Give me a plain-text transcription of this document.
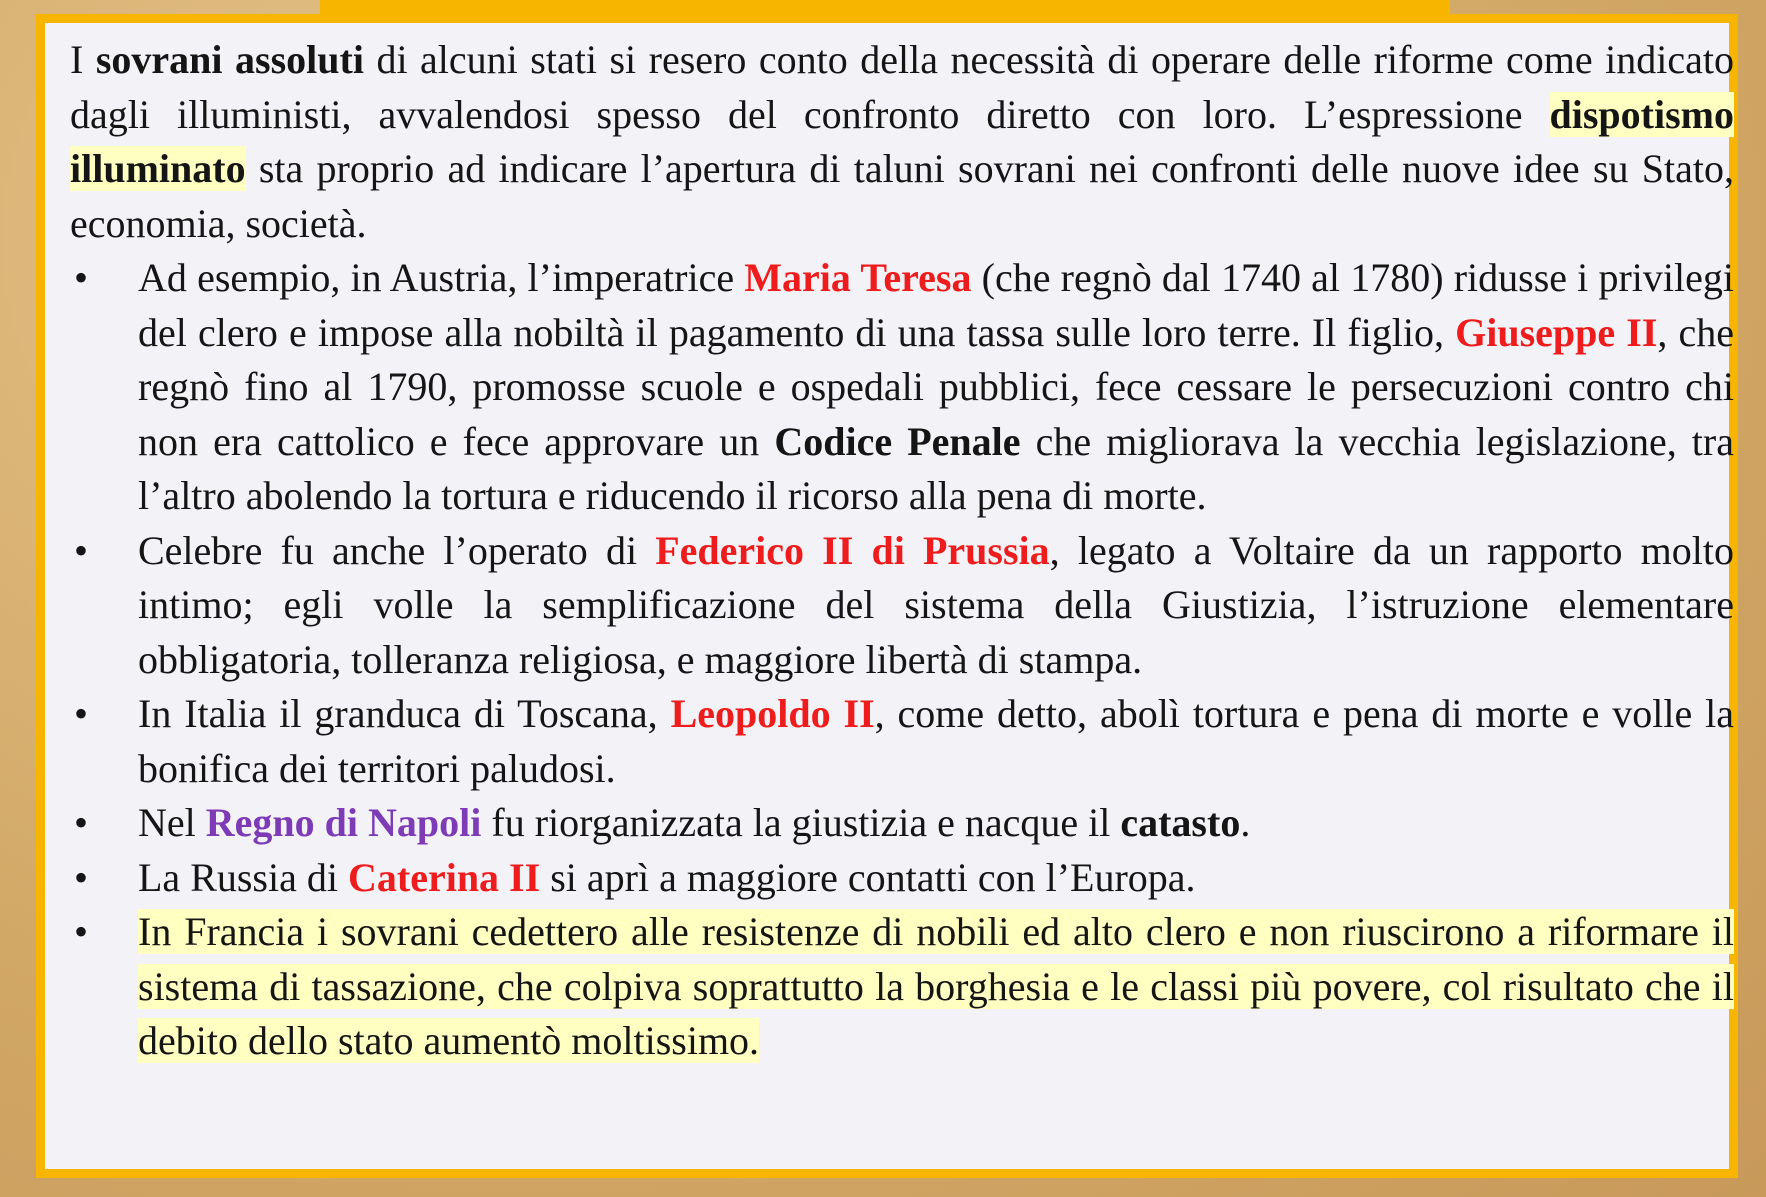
I sovrani assoluti di alcuni stati si resero conto della necessità di operare delle riforme come indicato dagli illuministi, avvalendosi spesso del confronto diretto con loro. L’espressione dispotismo illuminato sta proprio ad indicare l’apertura di taluni sovrani nei confronti delle nuove idee su Stato, economia, società.

• Ad esempio, in Austria, l’imperatrice Maria Teresa (che regnò dal 1740 al 1780) ridusse i privilegi del clero e impose alla nobiltà il pagamento di una tassa sulle loro terre. Il figlio, Giuseppe II, che regnò fino al 1790, promosse scuole e ospedali pubblici, fece cessare le persecuzioni contro chi non era cattolico e fece approvare un Codice Penale che migliorava la vecchia legislazione, tra l’altro abolendo la tortura e riducendo il ricorso alla pena di morte.
• Celebre fu anche l’operato di Federico II di Prussia, legato a Voltaire da un rapporto molto intimo; egli volle la semplificazione del sistema della Giustizia, l’istruzione elementare obbligatoria, tolleranza religiosa, e maggiore libertà di stampa.
• In Italia il granduca di Toscana, Leopoldo II, come detto, abolì tortura e pena di morte e volle la bonifica dei territori paludosi.
• Nel Regno di Napoli fu riorganizzata la giustizia e nacque il catasto.
• La Russia di Caterina II si aprì a maggiore contatti con l’Europa.
• In Francia i sovrani cedettero alle resistenze di nobili ed alto clero e non riuscirono a riformare il sistema di tassazione, che colpiva soprattutto la borghesia e le classi più povere, col risultato che il debito dello stato aumentò moltissimo.
